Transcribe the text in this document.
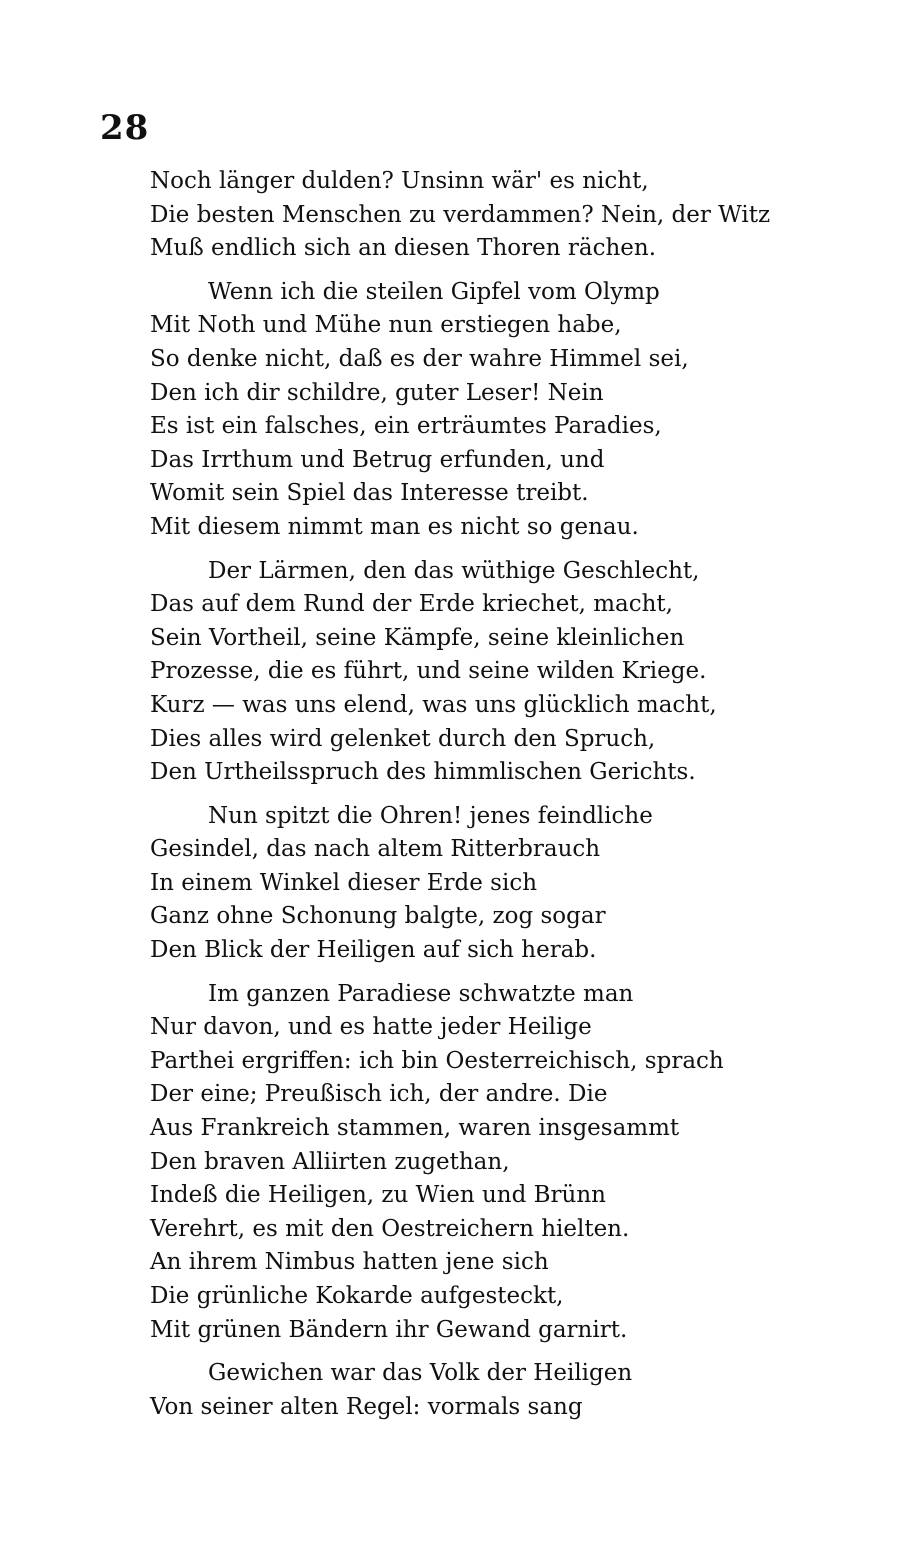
28
Noch länger dulden? Unsinn wär' es nicht,
Die besten Menschen zu verdammen? Nein, der Witz
Muß endlich sich an diesen Thoren rächen.
Wenn ich die steilen Gipfel vom Olymp
Mit Noth und Mühe nun erstiegen habe,
So denke nicht, daß es der wahre Himmel sei,
Den ich dir schildre, guter Leser! Nein
Es ist ein falsches, ein erträumtes Paradies,
Das Irrthum und Betrug erfunden, und
Womit sein Spiel das Interesse treibt.
Mit diesem nimmt man es nicht so genau.
Der Lärmen, den das wüthige Geschlecht,
Das auf dem Rund der Erde kriechet, macht,
Sein Vortheil, seine Kämpfe, seine kleinlichen
Prozesse, die es führt, und seine wilden Kriege.
Kurz — was uns elend, was uns glücklich macht,
Dies alles wird gelenket durch den Spruch,
Den Urtheilsspruch des himmlischen Gerichts.
Nun spitzt die Ohren! jenes feindliche
Gesindel, das nach altem Ritterbrauch
In einem Winkel dieser Erde sich
Ganz ohne Schonung balgte, zog sogar
Den Blick der Heiligen auf sich herab.
Im ganzen Paradiese schwatzte man
Nur davon, und es hatte jeder Heilige
Parthei ergriffen: ich bin Oesterreichisch, sprach
Der eine; Preußisch ich, der andre. Die
Aus Frankreich stammen, waren insgesammt
Den braven Alliirten zugethan,
Indeß die Heiligen, zu Wien und Brünn
Verehrt, es mit den Oestreichern hielten.
An ihrem Nimbus hatten jene sich
Die grünliche Kokarde aufgesteckt,
Mit grünen Bändern ihr Gewand garnirt.
Gewichen war das Volk der Heiligen
Von seiner alten Regel: vormals sang
